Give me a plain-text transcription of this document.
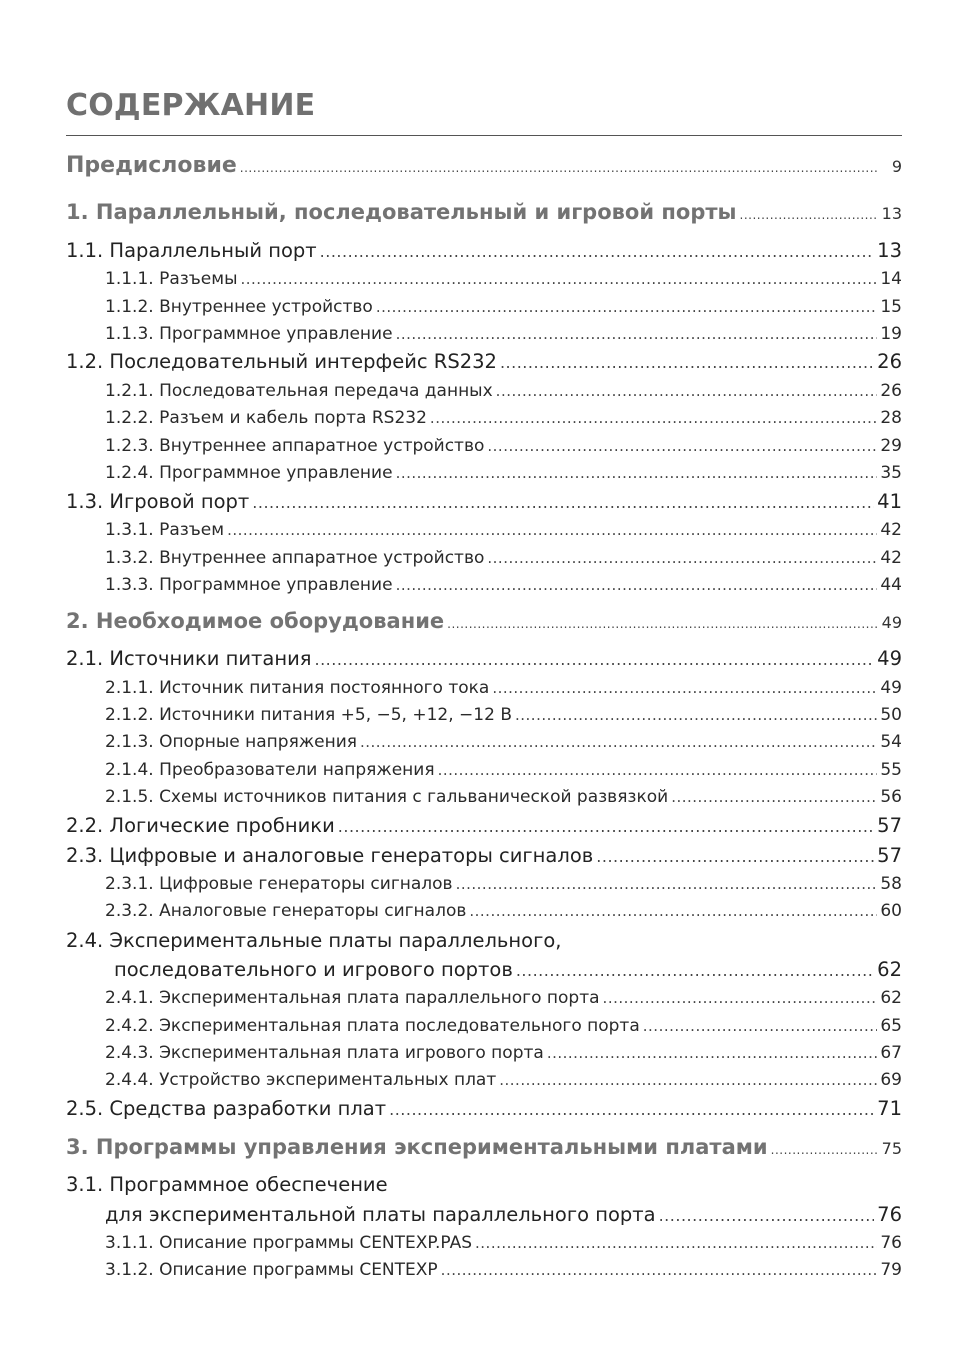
СОДЕРЖАНИЕ
Предисловие .....	9
1. Параллельный, последовательный и игровой порты .....	13
1.1. Параллельный порт .....	13
1.1.1. Разъемы .....	14
1.1.2. Внутреннее устройство .....	15
1.1.3. Программное управление .....	19
1.2. Последовательный интерфейс RS232 .....	26
1.2.1. Последовательная передача данных .....	26
1.2.2. Разъем и кабель порта RS232 .....	28
1.2.3. Внутреннее аппаратное устройство .....	29
1.2.4. Программное управление .....	35
1.3. Игровой порт .....	41
1.3.1. Разъем .....	42
1.3.2. Внутреннее аппаратное устройство .....	42
1.3.3. Программное управление .....	44
2. Необходимое оборудование .....	49
2.1. Источники питания .....	49
2.1.1. Источник питания постоянного тока .....	49
2.1.2. Источники питания +5, −5, +12, −12 В .....	50
2.1.3. Опорные напряжения .....	54
2.1.4. Преобразователи напряжения .....	55
2.1.5. Схемы источников питания с гальванической развязкой .....	56
2.2. Логические пробники .....	57
2.3. Цифровые и аналоговые генераторы сигналов .....	57
2.3.1. Цифровые генераторы сигналов .....	58
2.3.2. Аналоговые генераторы сигналов .....	60
2.4. Экспериментальные платы параллельного,
последовательного и игрового портов .....	62
2.4.1. Экспериментальная плата параллельного порта .....	62
2.4.2. Экспериментальная плата последовательного порта .....	65
2.4.3. Экспериментальная плата игрового порта .....	67
2.4.4. Устройство экспериментальных плат .....	69
2.5. Средства разработки плат .....	71
3. Программы управления экспериментальными платами .....	75
3.1. Программное обеспечение
для экспериментальной платы параллельного порта .....	76
3.1.1. Описание программы CENTEXP.PAS .....	76
3.1.2. Описание программы CENTEXP .....	79
